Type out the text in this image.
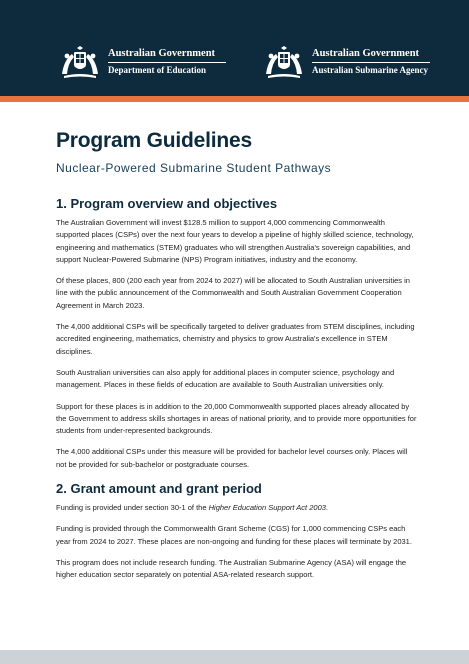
Australian Government
Department of Education
Australian Government
Australian Submarine Agency
Program Guidelines
Nuclear-Powered Submarine Student Pathways
1. Program overview and objectives

The Australian Government will invest $128.5 million to support 4,000 commencing Commonwealth supported places (CSPs) over the next four years to develop a pipeline of highly skilled science, technology, engineering and mathematics (STEM) graduates who will strengthen Australia's sovereign capabilities, and support Nuclear-Powered Submarine (NPS) Program initiatives, industry and the economy.

Of these places, 800 (200 each year from 2024 to 2027) will be allocated to South Australian universities in line with the public announcement of the Commonwealth and South Australian Government Cooperation Agreement in March 2023.

The 4,000 additional CSPs will be specifically targeted to deliver graduates from STEM disciplines, including accredited engineering, mathematics, chemistry and physics to grow Australia's excellence in STEM disciplines.

South Australian universities can also apply for additional places in computer science, psychology and management. Places in these fields of education are available to South Australian universities only.

Support for these places is in addition to the 20,000 Commonwealth supported places already allocated by the Government to address skills shortages in areas of national priority, and to provide more opportunities for students from under-represented backgrounds.

The 4,000 additional CSPs under this measure will be provided for bachelor level courses only. Places will not be provided for sub-bachelor or postgraduate courses.

2. Grant amount and grant period

Funding is provided under section 30-1 of the Higher Education Support Act 2003.

Funding is provided through the Commonwealth Grant Scheme (CGS) for 1,000 commencing CSPs each year from 2024 to 2027. These places are non-ongoing and funding for these places will terminate by 2031.

This program does not include research funding. The Australian Submarine Agency (ASA) will engage the higher education sector separately on potential ASA-related research support.
